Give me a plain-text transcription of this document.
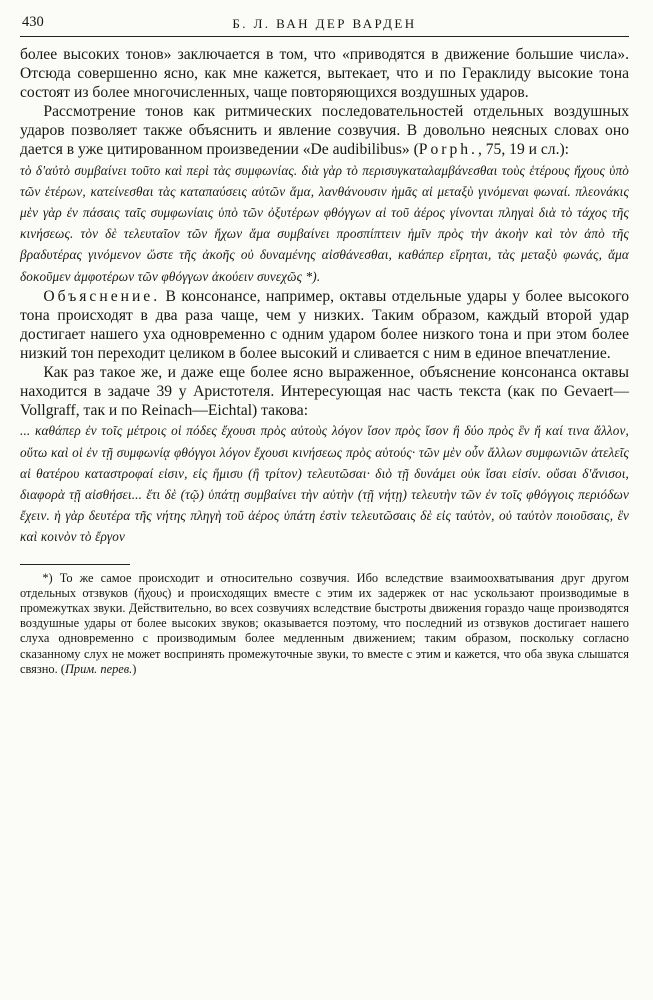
430	Б. Л. ВАН ДЕР ВАРДЕН

более высоких тонов» заключается в том, что «приводятся в движение большие числа». Отсюда совершенно ясно, как мне кажется, вытекает, что и по Гераклиду высокие тона состоят из более многочисленных, чаще повторяющихся воздушных ударов.

Рассмотрение тонов как ритмических последовательностей отдельных воздушных ударов позволяет также объяснить и явление созвучия. В довольно неясных словах оно дается в уже цитированном произведении «De audibilibus» (Porph., 75, 19 и сл.):

τὸ δ'αὐτὸ συμβαίνει τοῦτο καὶ περὶ τὰς συμφωνίας. διὰ γὰρ τὸ περισυγκαταλαμβάνεσθαι τοὺς ἑτέρους ἤχους ὑπὸ τῶν ἑτέρων, κατείνεσθαι τὰς καταπαύσεις αὐτῶν ἅμα, λανθάνουσιν ἡμᾶς αἱ μεταξὺ γινόμεναι φωναί. πλεονάκις μὲν γὰρ ἐν πάσαις ταῖς συμφωνίαις ὑπὸ τῶν ὀξυτέρων φθόγγων αἱ τοῦ ἀέρος γίνονται πληγαὶ διὰ τὸ τάχος τῆς κινήσεως. τὸν δὲ τελευταῖον τῶν ἤχων ἅμα συμβαίνει προσπίπτειν ἡμῖν πρὸς τὴν ἀκοὴν καὶ τὸν ἀπὸ τῆς βραδυτέρας γινόμενον ὥστε τῆς ἀκοῆς οὐ δυναμένης αἰσθάνεσθαι, καθάπερ εἴρηται, τὰς μεταξὺ φωνάς, ἅμα δοκοῦμεν ἀμφοτέρων τῶν φθόγγων ἀκούειν συνεχῶς *).

Объяснение. В консонансе, например, октавы отдельные удары у более высокого тона происходят в два раза чаще, чем у низких. Таким образом, каждый второй удар достигает нашего уха одновременно с одним ударом более низкого тона и при этом более низкий тон переходит целиком в более высокий и сливается с ним в единое впечатление.

Как раз такое же, и даже еще более ясно выраженное, объяснение консонанса октавы находится в задаче 39 у Аристотеля. Интересующая нас часть текста (как по Gevaert—Vollgraff, так и по Reinach—Eichtal) такова:

... καθάπερ ἐν τοῖς μέτροις οἱ πόδες ἔχουσι πρὸς αὐτοὺς λόγον ἴσον πρὸς ἴσον ἢ δύο πρὸς ἓν ἤ καί τινα ἄλλον, οὕτω καὶ οἱ ἐν τῇ συμφωνίᾳ φθόγγοι λόγον ἔχουσι κινήσεως πρὸς αὑτούς· τῶν μὲν οὖν ἄλλων συμφωνιῶν ἀτελεῖς αἱ θατέρου καταστροφαί εἰσιν, εἰς ἥμισυ (ἢ τρίτον) τελευτῶσαι· διὸ τῇ δυνάμει οὐκ ἴσαι εἰσίν. οὔσαι δ'ἄνισοι, διαφορὰ τῇ αἰσθήσει... ἔτι δὲ (τῷ) ὑπάτῃ συμβαίνει τὴν αὐτὴν (τῇ νήτῃ) τελευτὴν τῶν ἐν τοῖς φθόγγοις περιόδων ἔχειν. ἡ γὰρ δευτέρα τῆς νήτης πληγὴ τοῦ ἀέρος ὑπάτη ἐστὶν τελευτῶσαις δὲ εἰς ταὐτὸν, οὐ ταὐτὸν ποιοῦσαις, ἓν καὶ κοινὸν τὸ ἔργον

*) То же самое происходит и относительно созвучия. Ибо вследствие взаимоохватывания друг другом отдельных отзвуков (ἤχους) и происходящих вместе с этим их задержек от нас ускользают производимые в промежутках звуки. Действительно, во всех созвучиях вследствие быстроты движения гораздо чаще производятся воздушные удары от более высоких звуков; оказывается поэтому, что последний из отзвуков достигает нашего слуха одновременно с производимым более медленным движением; таким образом, поскольку согласно сказанному слух не может воспринять промежуточные звуки, то вместе с этим и кажется, что оба звука слышатся связно. (Прим. перев.)
